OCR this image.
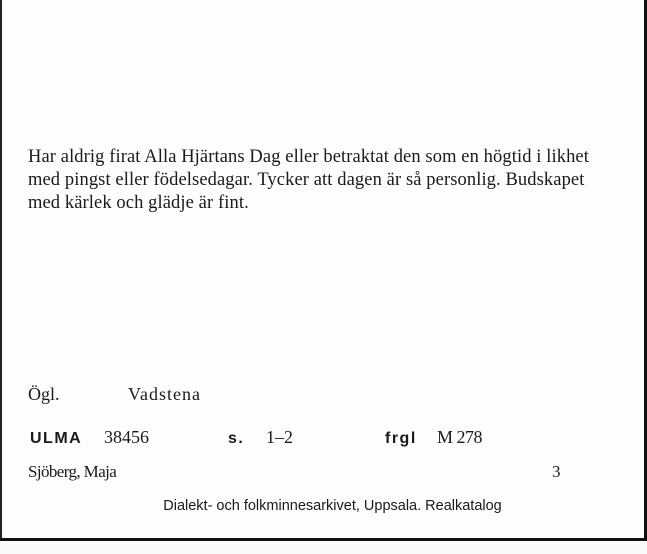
Har aldrig firat Alla Hjärtans Dag eller betraktat den som en högtid i likhet med pingst eller födelsedagar. Tycker att dagen är så personlig. Budskapet med kärlek och glädje är fint.
Ögl.	Vadstena
ULMA 38456	s. 1–2	frgl M 278
Sjöberg, Maja	3
Dialekt- och folkminnesarkivet, Uppsala. Realkatalog
